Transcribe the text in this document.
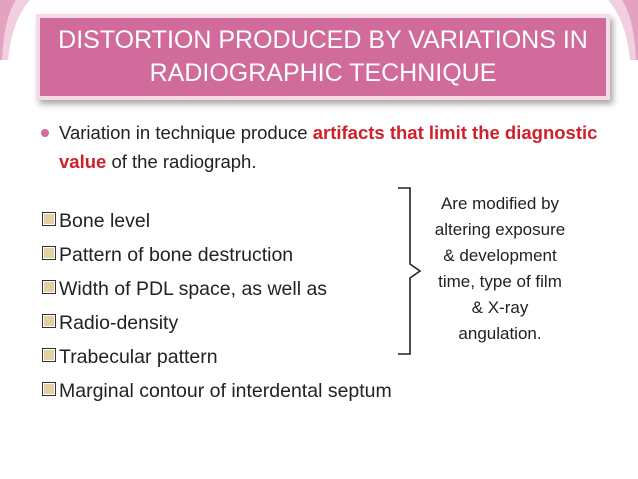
DISTORTION PRODUCED BY VARIATIONS IN
RADIOGRAPHIC TECHNIQUE
Variation in technique produce artifacts that limit the diagnostic value of the radiograph.
Bone level
Pattern of bone destruction
Width of PDL space, as well as
Radio-density
Trabecular pattern
Marginal contour of interdental septum
Are modified by
altering exposure
& development
time, type of film
& X-ray
angulation.
